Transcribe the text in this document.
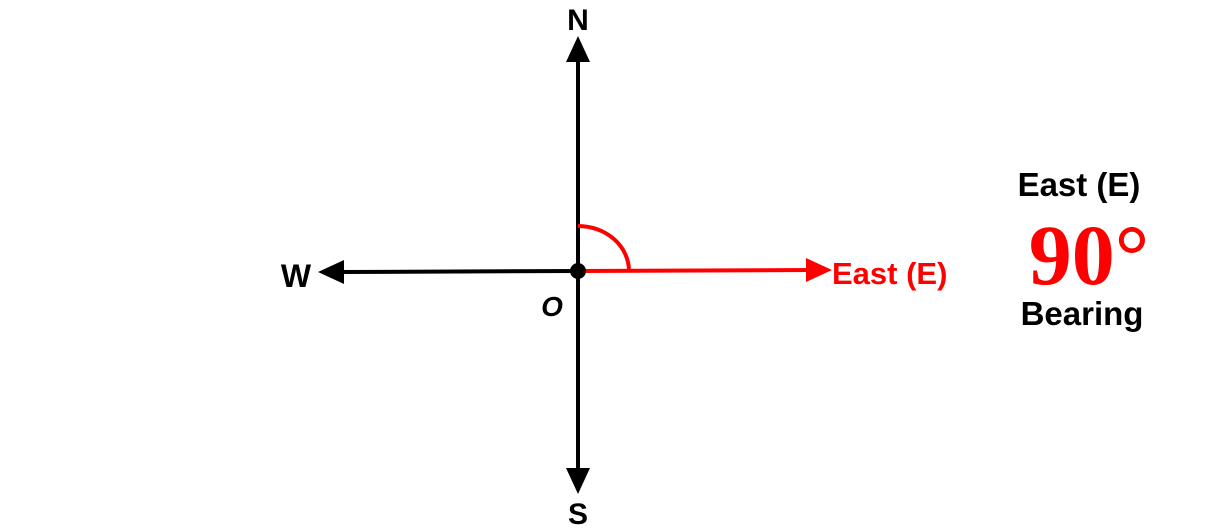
N
S
W
O
East (E)
East (E)
90°
Bearing
